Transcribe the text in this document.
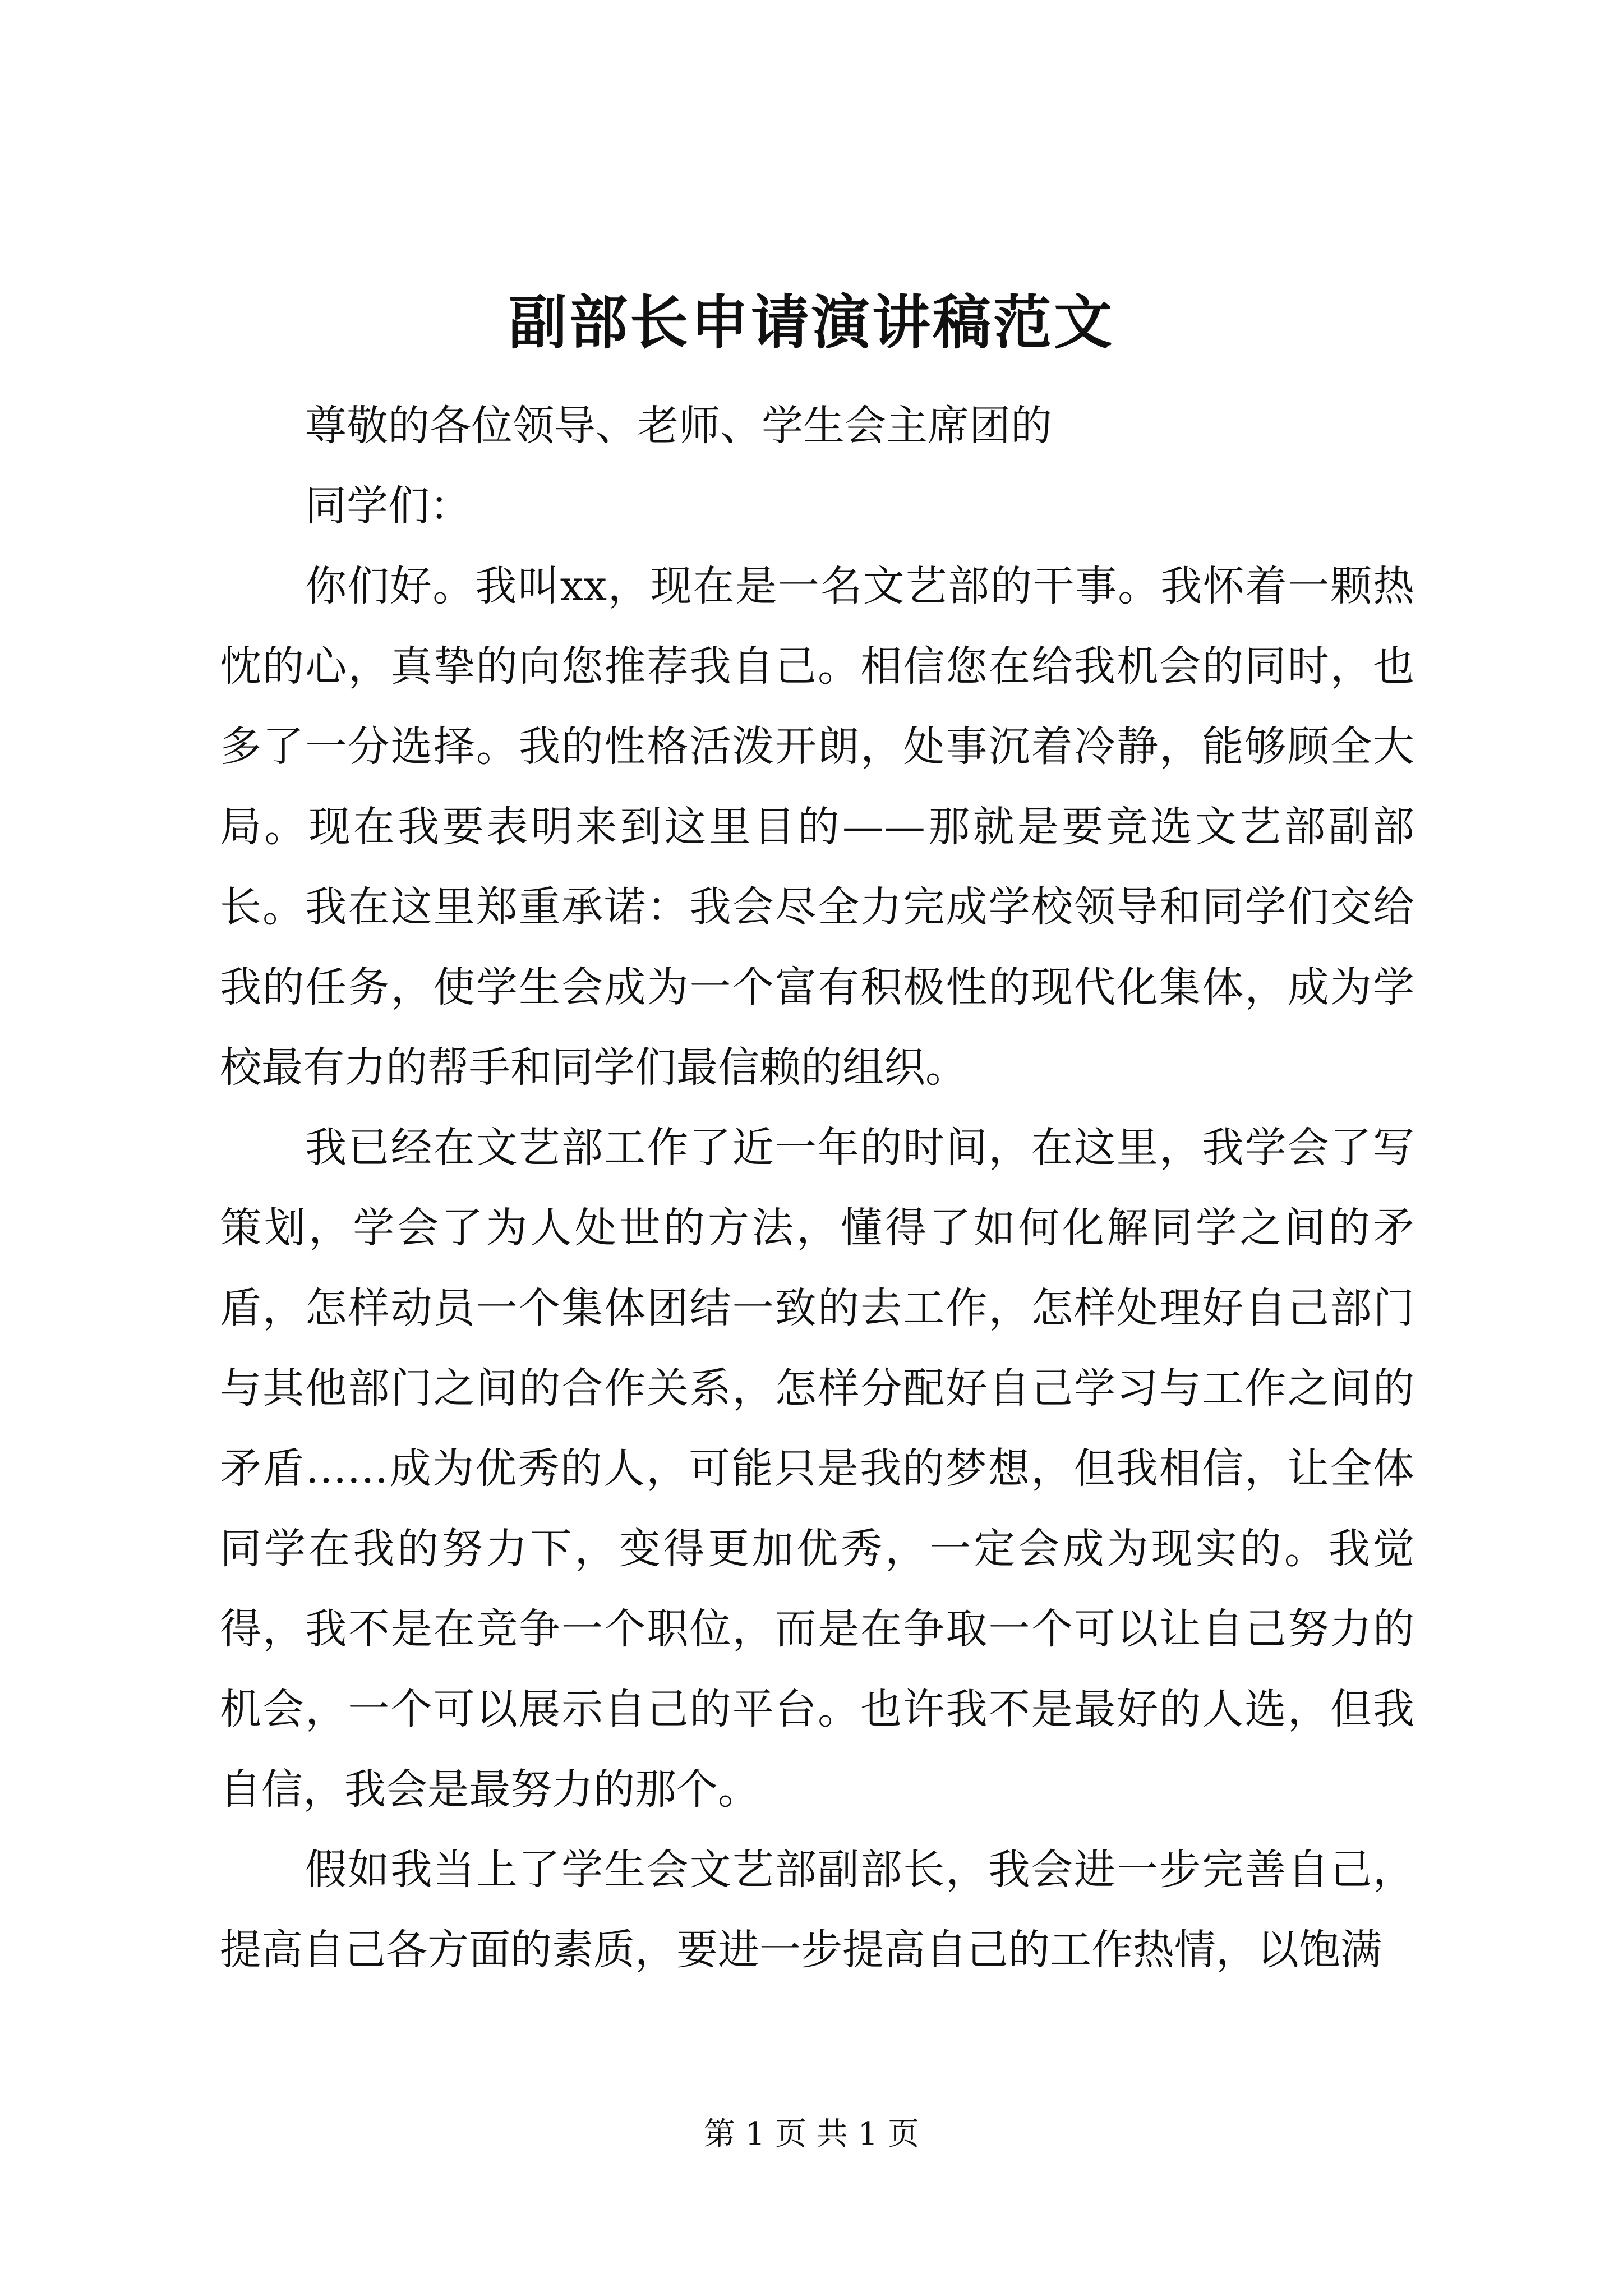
副部长申请演讲稿范文

尊敬的各位领导、老师、学生会主席团的

同学们：

你们好。我叫xx，现在是一名文艺部的干事。我怀着一颗热忱的心，真挚的向您推荐我自己。相信您在给我机会的同时，也多了一分选择。我的性格活泼开朗，处事沉着冷静，能够顾全大局。现在我要表明来到这里目的——那就是要竞选文艺部副部长。我在这里郑重承诺：我会尽全力完成学校领导和同学们交给我的任务，使学生会成为一个富有积极性的现代化集体，成为学校最有力的帮手和同学们最信赖的组织。

我已经在文艺部工作了近一年的时间，在这里，我学会了写策划，学会了为人处世的方法，懂得了如何化解同学之间的矛盾，怎样动员一个集体团结一致的去工作，怎样处理好自己部门与其他部门之间的合作关系，怎样分配好自己学习与工作之间的矛盾……成为优秀的人，可能只是我的梦想，但我相信，让全体同学在我的努力下，变得更加优秀，一定会成为现实的。我觉得，我不是在竞争一个职位，而是在争取一个可以让自己努力的机会，一个可以展示自己的平台。也许我不是最好的人选，但我自信，我会是最努力的那个。

假如我当上了学生会文艺部副部长，我会进一步完善自己，提高自己各方面的素质，要进一步提高自己的工作热情，以饱满

第 1 页 共 1 页
